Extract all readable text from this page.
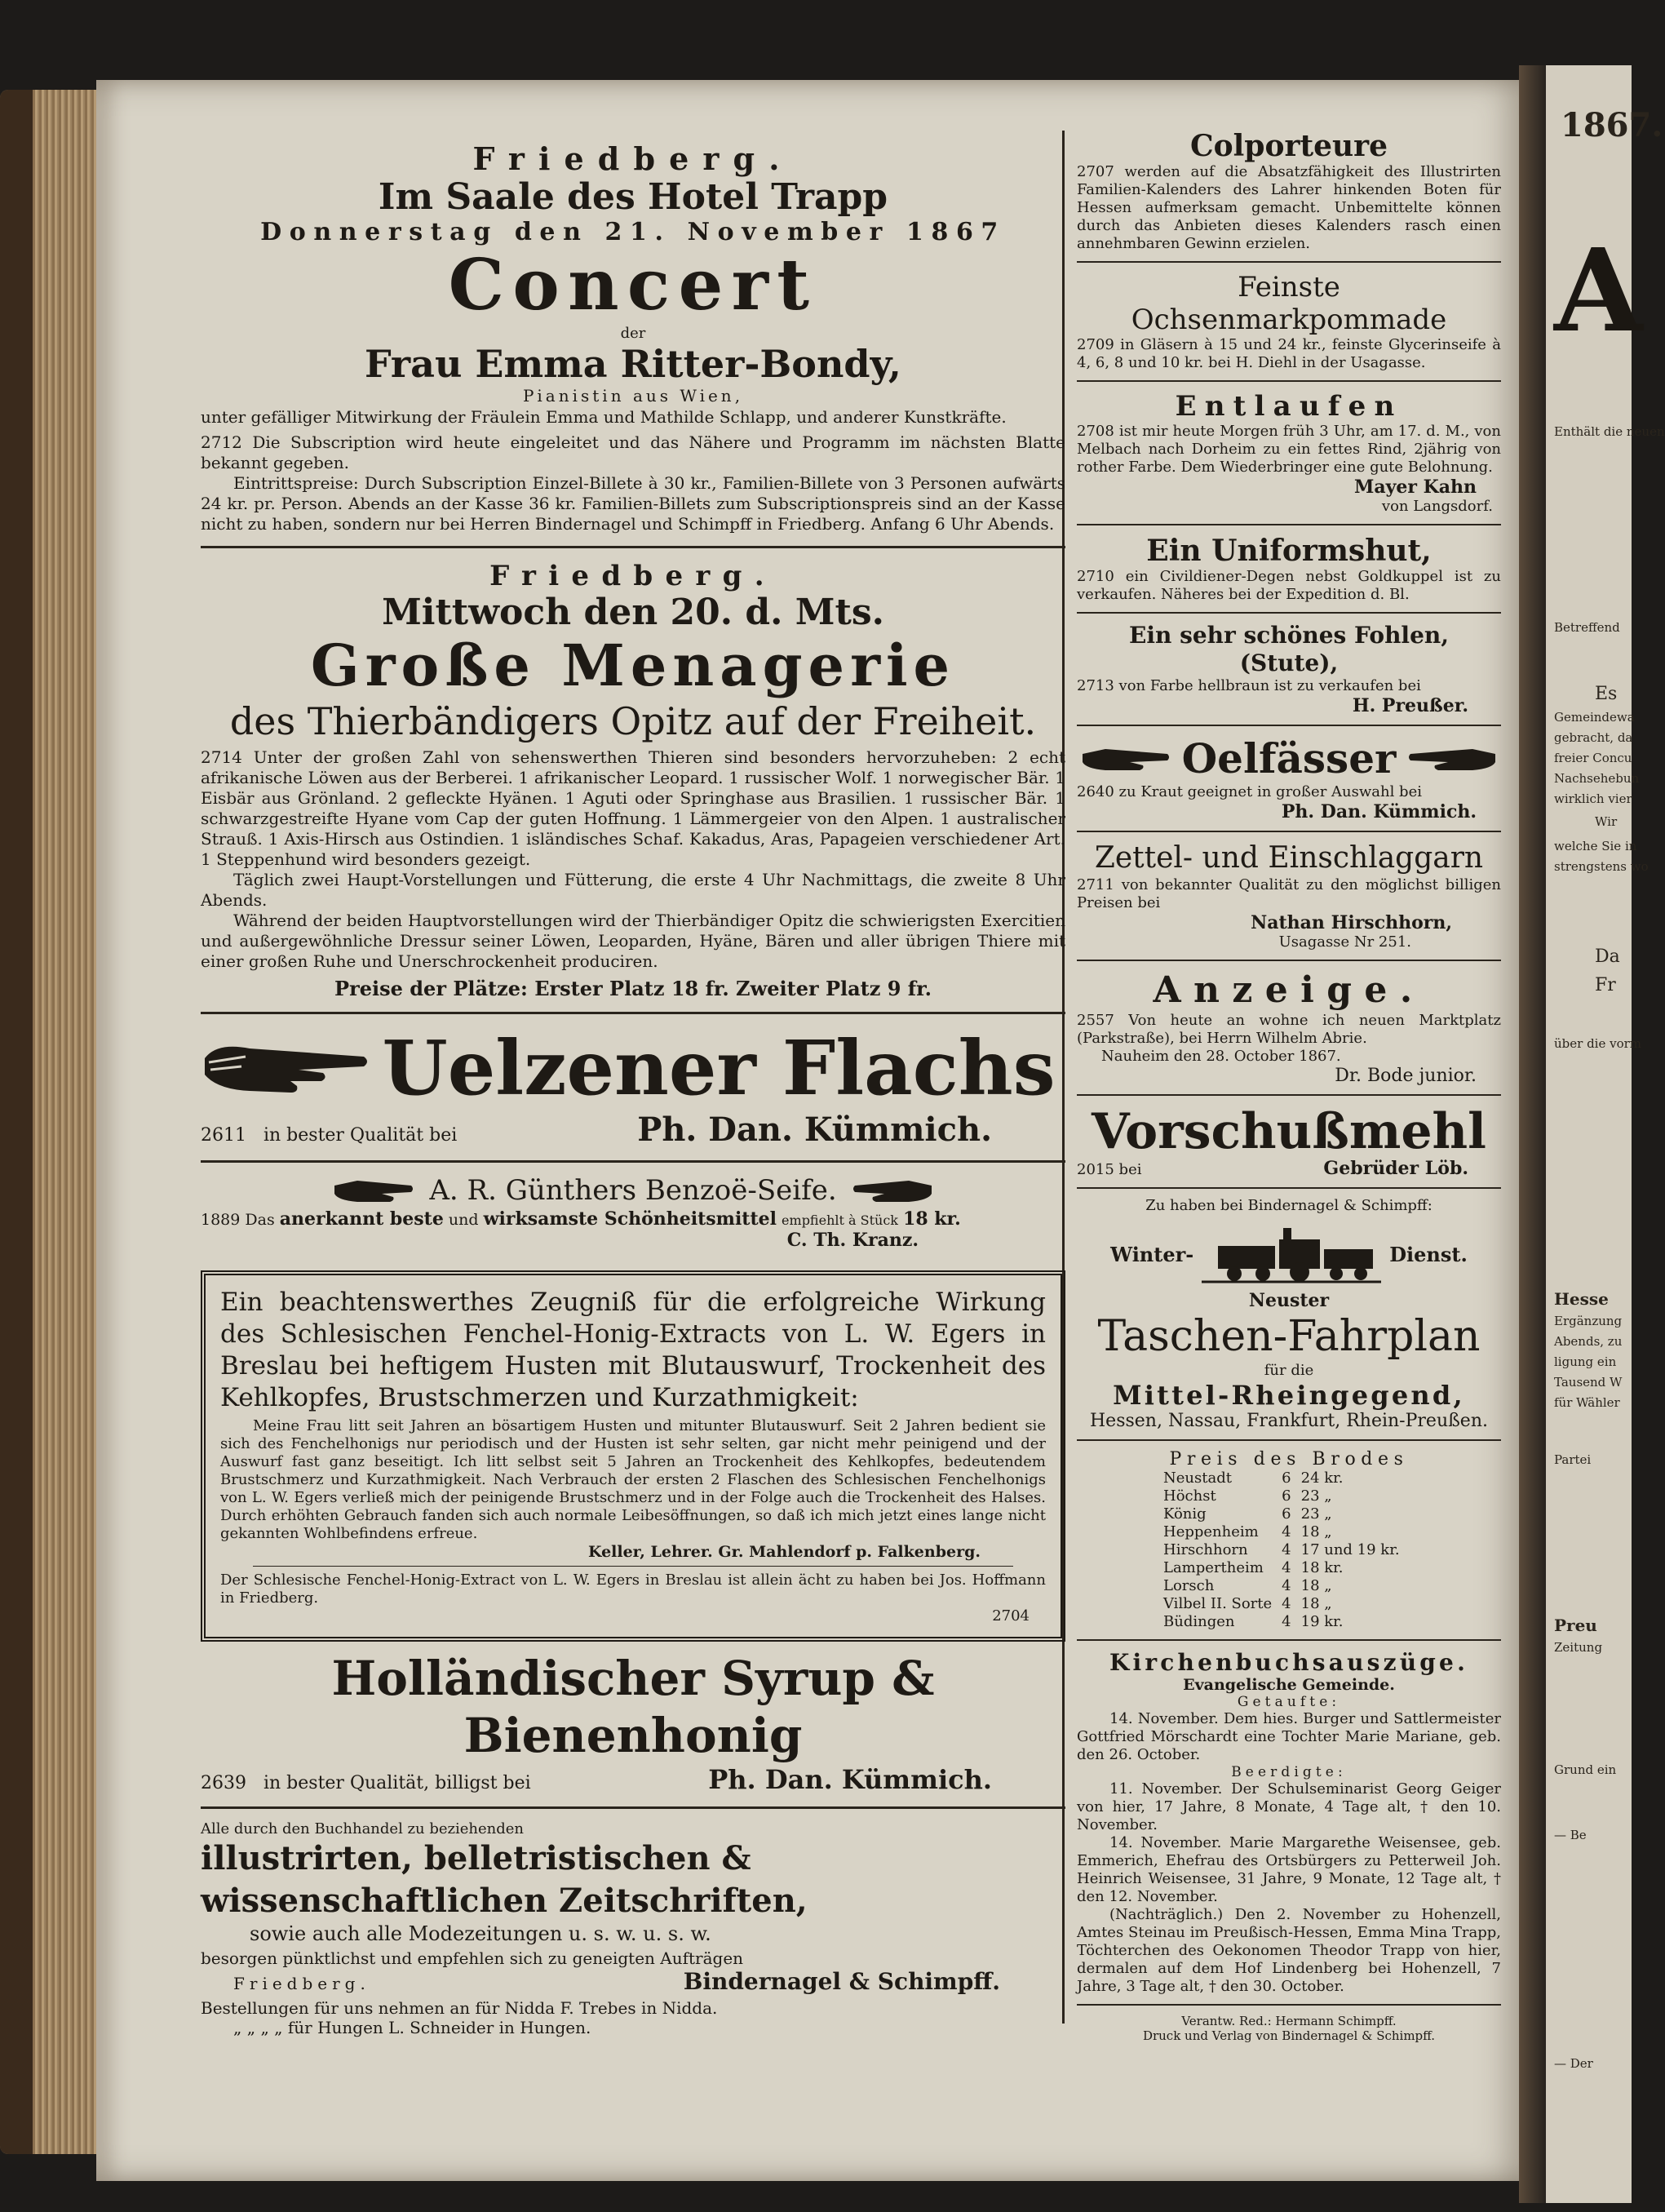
1867.
A
Enthält die neuen
Betreffend
Es
Gemeindewa
gebracht, da
freier Concu
Nachsehebun
wirklich vier
Wir
welche Sie in
strengstens wo
Da
Fr
über die vorm
Hesse
Ergänzung
Abends, zu
ligung ein
Tausend W
für Wähler
Partei
Preu
Zeitung
Grund ein
— Be
— Der
Friedberg.
Im Saale des Hotel Trapp
Donnerstag den 21. November 1867
Concert
der
Frau Emma Ritter-Bondy,
Pianistin aus Wien,

unter gefälliger Mitwirkung der Fräulein Emma und Mathilde Schlapp, und anderer Kunstkräfte.

2712 Die Subscription wird heute eingeleitet und das Nähere und Programm im nächsten Blatte bekannt gegeben.

Eintrittspreise: Durch Subscription Einzel-Billete à 30 kr., Familien-Billete von 3 Personen aufwärts 24 kr. pr. Person. Abends an der Kasse 36 kr. Familien-Billets zum Subscriptionspreis sind an der Kasse nicht zu haben, sondern nur bei Herren Bindernagel und Schimpff in Friedberg. Anfang 6 Uhr Abends.

Friedberg.
Mittwoch den 20. d. Mts.
Große Menagerie
des Thierbändigers Opitz auf der Freiheit.

2714 Unter der großen Zahl von sehenswerthen Thieren sind besonders hervorzuheben: 2 echt afrikanische Löwen aus der Berberei. 1 afrikanischer Leopard. 1 russischer Wolf. 1 norwegischer Bär. 1 Eisbär aus Grönland. 2 gefleckte Hyänen. 1 Aguti oder Springhase aus Brasilien. 1 russischer Bär. 1 schwarzgestreifte Hyane vom Cap der guten Hoffnung. 1 Lämmergeier von den Alpen. 1 australischer Strauß. 1 Axis-Hirsch aus Ostindien. 1 isländisches Schaf. Kakadus, Aras, Papageien verschiedener Art. 1 Steppenhund wird besonders gezeigt.

Täglich zwei Haupt-Vorstellungen und Fütterung, die erste 4 Uhr Nachmittags, die zweite 8 Uhr Abends.

Während der beiden Hauptvorstellungen wird der Thierbändiger Opitz die schwierigsten Exercitien und außergewöhnliche Dressur seiner Löwen, Leoparden, Hyäne, Bären und aller übrigen Thiere mit einer großen Ruhe und Unerschrockenheit produciren.

Preise der Plätze: Erster Platz 18 fr. Zweiter Platz 9 fr.
Uelzener Flachs
2611 in bester Qualität bei	Ph. Dan. Kümmich.
A. R. Günthers Benzoë-Seife.
1889 Das anerkannt beste und wirksamste Schönheitsmittel empfiehlt à Stück 18 kr.
C. Th. Kranz.
Ein beachtenswerthes Zeugniß für die erfolgreiche Wirkung des Schlesischen Fenchel-Honig-Extracts von L. W. Egers in Breslau bei heftigem Husten mit Blutauswurf, Trockenheit des Kehlkopfes, Brustschmerzen und Kurzathmigkeit:
Meine Frau litt seit Jahren an bösartigem Husten und mitunter Blutauswurf. Seit 2 Jahren bedient sie sich des Fenchelhonigs nur periodisch und der Husten ist sehr selten, gar nicht mehr peinigend und der Auswurf fast ganz beseitigt. Ich litt selbst seit 5 Jahren an Trockenheit des Kehlkopfes, bedeutendem Brustschmerz und Kurzathmigkeit. Nach Verbrauch der ersten 2 Flaschen des Schlesischen Fenchelhonigs von L. W. Egers verließ mich der peinigende Brustschmerz und in der Folge auch die Trockenheit des Halses. Durch erhöhten Gebrauch fanden sich auch normale Leibesöffnungen, so daß ich mich jetzt eines lange nicht gekannten Wohlbefindens erfreue.
Keller, Lehrer. Gr. Mahlendorf p. Falkenberg.
Der Schlesische Fenchel-Honig-Extract von L. W. Egers in Breslau ist allein ächt zu haben bei Jos. Hoffmann in Friedberg.
2704
Holländischer Syrup & Bienenhonig
2639 in bester Qualität, billigst bei	Ph. Dan. Kümmich.
Alle durch den Buchhandel zu beziehenden
illustrirten, belletristischen & wissenschaftlichen Zeitschriften,
sowie auch alle Modezeitungen u. s. w. u. s. w.
besorgen pünktlichst und empfehlen sich zu geneigten Aufträgen
Friedberg.	Bindernagel & Schimpff.
Bestellungen für uns nehmen an für Nidda F. Trebes in Nidda.
„ „ „ „ für Hungen L. Schneider in Hungen.
Colporteure
2707 werden auf die Absatzfähigkeit des Illustrirten Familien-Kalenders des Lahrer hinkenden Boten für Hessen aufmerksam gemacht. Unbemittelte können durch das Anbieten dieses Kalenders rasch einen annehmbaren Gewinn erzielen.
Feinste Ochsenmarkpommade
2709 in Gläsern à 15 und 24 kr., feinste Glycerinseife à 4, 6, 8 und 10 kr. bei H. Diehl in der Usagasse.
Entlaufen
2708 ist mir heute Morgen früh 3 Uhr, am 17. d. M., von Melbach nach Dorheim zu ein fettes Rind, 2jährig von rother Farbe. Dem Wiederbringer eine gute Belohnung.
Mayer Kahn
von Langsdorf.
Ein Uniformshut,
2710 ein Civildiener-Degen nebst Goldkuppel ist zu verkaufen. Näheres bei der Expedition d. Bl.
Ein sehr schönes Fohlen, (Stute),
2713 von Farbe hellbraun ist zu verkaufen bei
H. Preußer.
Oelfässer
2640 zu Kraut geeignet in großer Auswahl bei
Ph. Dan. Kümmich.
Zettel- und Einschlaggarn
2711 von bekannter Qualität zu den möglichst billigen Preisen bei
Nathan Hirschhorn,
Usagasse Nr 251.
Anzeige.
2557 Von heute an wohne ich neuen Marktplatz (Parkstraße), bei Herrn Wilhelm Abrie.
Nauheim den 28. October 1867.
Dr. Bode junior.
Vorschußmehl
2015 bei	Gebrüder Löb.
Zu haben bei Bindernagel & Schimpff:
Winter-	Dienst.
Neuster
Taschen-Fahrplan
für die
Mittel-Rheingegend,
Hessen, Nassau, Frankfurt, Rhein-Preußen.
Preis des Brodes
Neustadt	6	24 kr.
Höchst	6	23 „
König	6	23 „
Heppenheim	4	18 „
Hirschhorn	4	17 und 19 kr.
Lampertheim	4	18 kr.
Lorsch	4	18 „
Vilbel II. Sorte	4	18 „
Büdingen	4	19 kr.
Kirchenbuchsauszüge.
Evangelische Gemeinde.
Getaufte:
14. November. Dem hies. Burger und Sattlermeister Gottfried Mörschardt eine Tochter Marie Mariane, geb. den 26. October.
Beerdigte:
11. November. Der Schulseminarist Georg Geiger von hier, 17 Jahre, 8 Monate, 4 Tage alt, † den 10. November.
14. November. Marie Margarethe Weisensee, geb. Emmerich, Ehefrau des Ortsbürgers zu Petterweil Joh. Heinrich Weisensee, 31 Jahre, 9 Monate, 12 Tage alt, † den 12. November.
(Nachträglich.) Den 2. November zu Hohenzell, Amtes Steinau im Preußisch-Hessen, Emma Mina Trapp, Töchterchen des Oekonomen Theodor Trapp von hier, dermalen auf dem Hof Lindenberg bei Hohenzell, 7 Jahre, 3 Tage alt, † den 30. October.
Verantw. Red.: Hermann Schimpff.
Druck und Verlag von Bindernagel & Schimpff.
